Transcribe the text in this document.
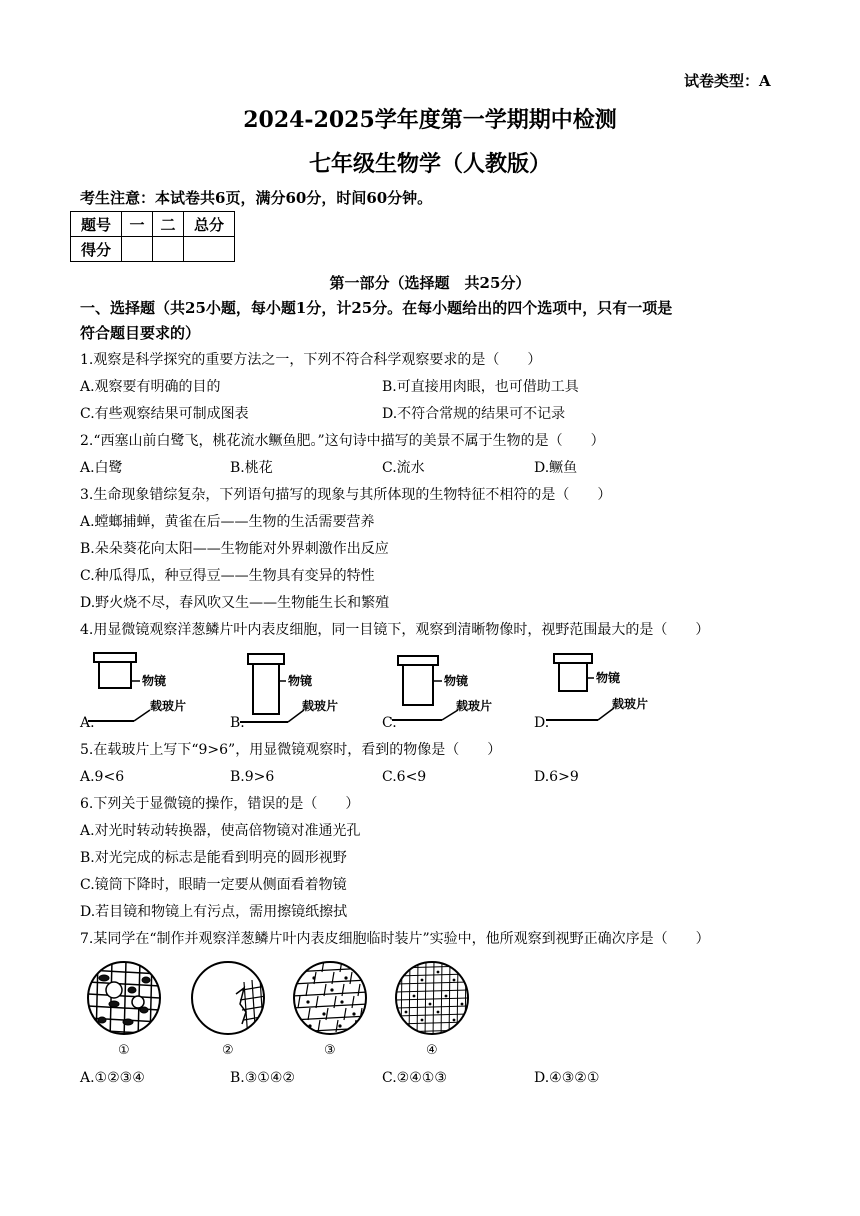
试卷类型：A
2024-2025学年度第一学期期中检测
七年级生物学（人教版）
考生注意：本试卷共6页，满分60分，时间60分钟。
题号	一	二	总分
得分			
第一部分（选择题　共25分）
一、选择题（共25小题，每小题1分，计25分。在每小题给出的四个选项中，只有一项是
符合题目要求的）
1.观察是科学探究的重要方法之一，下列不符合科学观察要求的是（　　）
A.观察要有明确的目的	B.可直接用肉眼，也可借助工具
C.有些观察结果可制成图表	D.不符合常规的结果可不记录
2.“西塞山前白鹭飞，桃花流水鳜鱼肥。”这句诗中描写的美景不属于生物的是（　　）
A.白鹭	B.桃花	C.流水	D.鳜鱼
3.生命现象错综复杂，下列语句描写的现象与其所体现的生物特征不相符的是（　　）
A.螳螂捕蝉，黄雀在后——生物的生活需要营养
B.朵朵葵花向太阳——生物能对外界刺激作出反应
C.种瓜得瓜，种豆得豆——生物具有变异的特性
D.野火烧不尽，春风吹又生——生物能生长和繁殖
4.用显微镜观察洋葱鳞片叶内表皮细胞，同一目镜下，观察到清晰物像时，视野范围最大的是（　　）
A.
物镜
载玻片
B.
物镜
载玻片
C.
物镜
载玻片
D.
物镜
载玻片
5.在载玻片上写下“9>6”，用显微镜观察时，看到的物像是（　　）
A.9<6	B.9>6	C.6<9	D.6>9
6.下列关于显微镜的操作，错误的是（　　）
A.对光时转动转换器，使高倍物镜对准通光孔
B.对光完成的标志是能看到明亮的圆形视野
C.镜筒下降时，眼睛一定要从侧面看着物镜
D.若目镜和物镜上有污点，需用擦镜纸擦拭
7.某同学在“制作并观察洋葱鳞片叶内表皮细胞临时装片”实验中，他所观察到视野正确次序是（　　）
①	②	③	④
A.①②③④	B.③①④②	C.②④①③	D.④③②①
